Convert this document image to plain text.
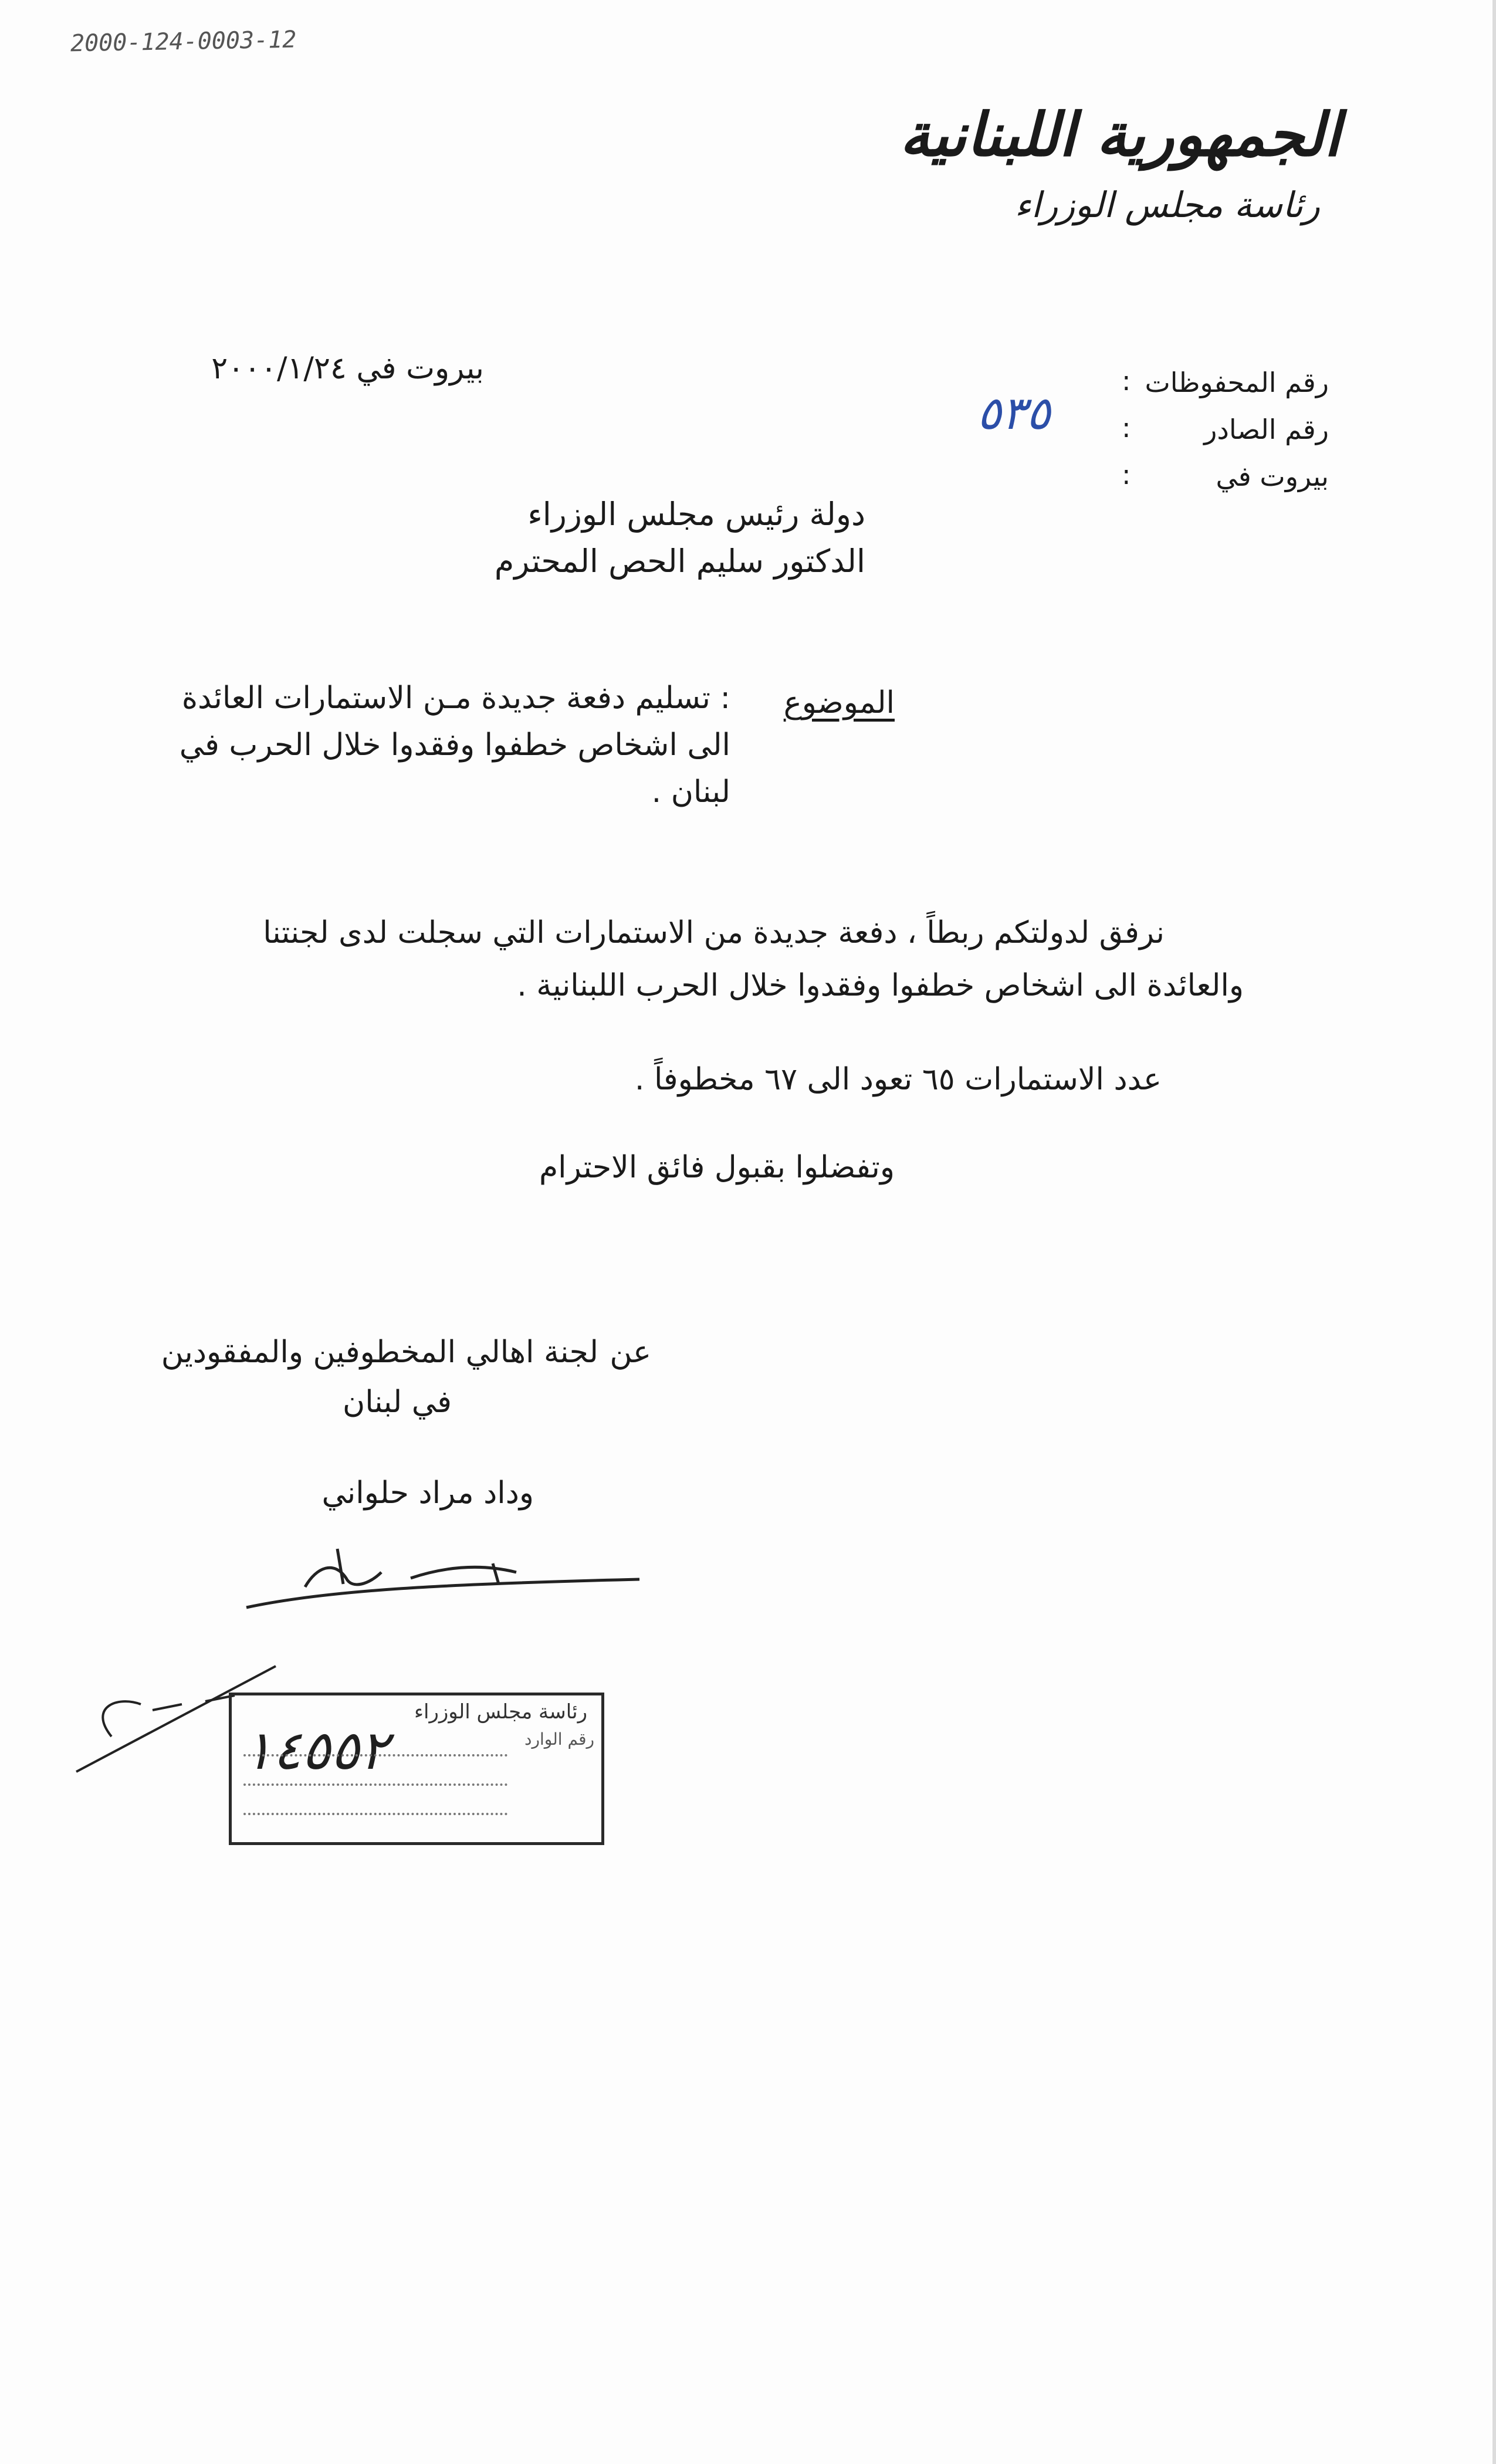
2000-124-0003-12
الجمهورية اللبنانية
رئاسة مجلس الوزراء
رقم المحفوظات
:
رقم الصادر
:
بيروت في
:
٥٣٥
بيروت في ٢٠٠٠/١/٢٤
دولة رئيس مجلس الوزراء
الدكتور سليم الحص المحترم
الموضوع
: تسليم دفعة جديدة مـن الاستمارات العائدة
الى اشخاص خطفوا وفقدوا خلال الحرب في
لبنان .
نرفق لدولتكم ربطاً ، دفعة جديدة من الاستمارات التي سجلت لدى لجنتنا
والعائدة الى اشخاص خطفوا وفقدوا خلال الحرب اللبنانية .
عدد الاستمارات ٦٥ تعود الى ٦٧ مخطوفاً .
وتفضلوا بقبول فائق الاحترام
عن
لجنة اهالي المخطوفين والمفقودين
في لبنان
وداد مراد حلواني
رئاسة مجلس الوزراء
رقم الوارد
١٤٥٥٢
